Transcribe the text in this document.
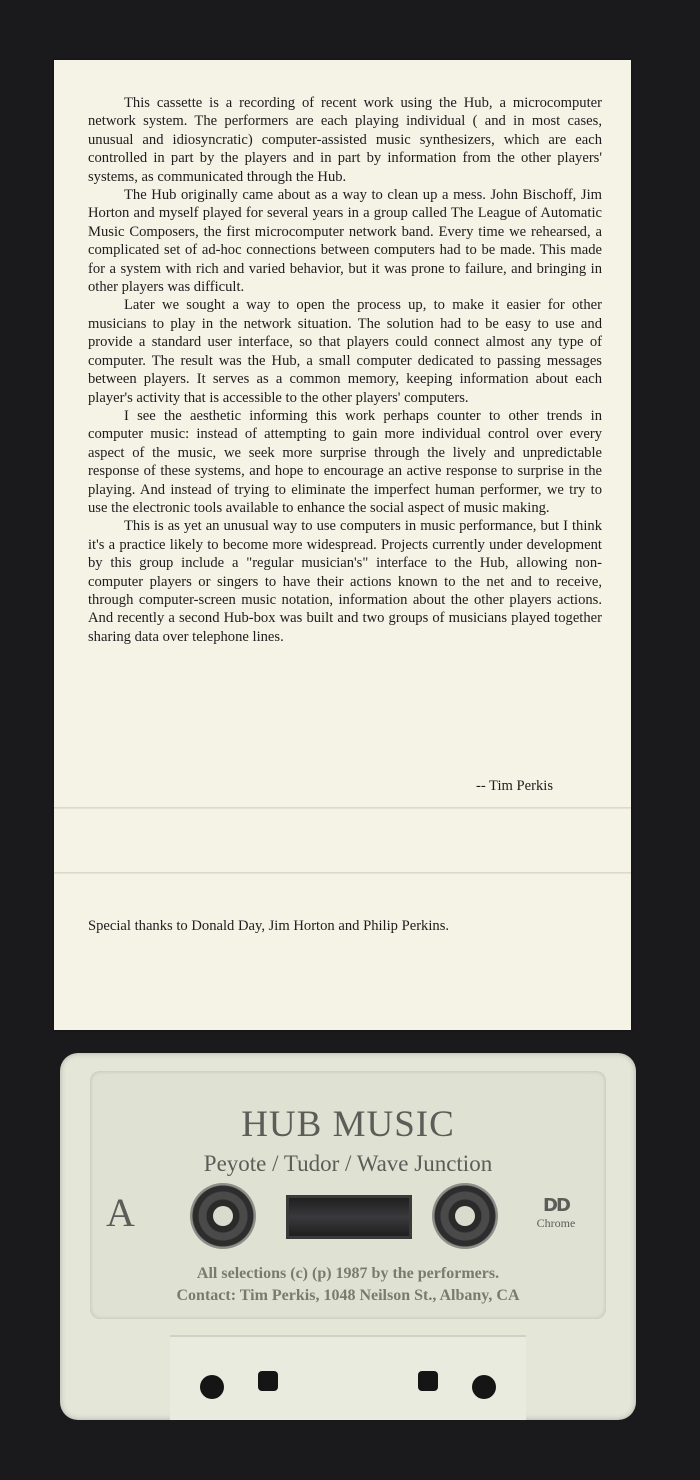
This cassette is a recording of recent work using the Hub, a microcomputer network system. The performers are each playing individual ( and in most cases, unusual and idiosyncratic) computer-assisted music synthesizers, which are each controlled in part by the players and in part by information from the other players' systems, as communicated through the Hub.

The Hub originally came about as a way to clean up a mess. John Bischoff, Jim Horton and myself played for several years in a group called The League of Automatic Music Composers, the first microcomputer network band. Every time we rehearsed, a complicated set of ad-hoc connections between computers had to be made. This made for a system with rich and varied behavior, but it was prone to failure, and bringing in other players was difficult.

Later we sought a way to open the process up, to make it easier for other musicians to play in the network situation. The solution had to be easy to use and provide a standard user interface, so that players could connect almost any type of computer. The result was the Hub, a small computer dedicated to passing messages between players. It serves as a common memory, keeping information about each player's activity that is accessible to the other players' computers.

I see the aesthetic informing this work perhaps counter to other trends in computer music: instead of attempting to gain more individual control over every aspect of the music, we seek more surprise through the lively and unpredictable response of these systems, and hope to encourage an active response to surprise in the playing. And instead of trying to eliminate the imperfect human performer, we try to use the electronic tools available to enhance the social aspect of music making.

This is as yet an unusual way to use computers in music performance, but I think it's a practice likely to become more widespread. Projects currently under development by this group include a "regular musician's" interface to the Hub, allowing non-computer players or singers to have their actions known to the net and to receive, through computer-screen music notation, information about the other players actions. And recently a second Hub-box was built and two groups of musicians played together sharing data over telephone lines.

-- Tim Perkis
Special thanks to Donald Day, Jim Horton and Philip Perkins.
HUB MUSIC
Peyote / Tudor / Wave Junction
A	DD
Chrome
All selections (c) (p) 1987 by the performers.
Contact: Tim Perkis, 1048 Neilson St., Albany, CA
